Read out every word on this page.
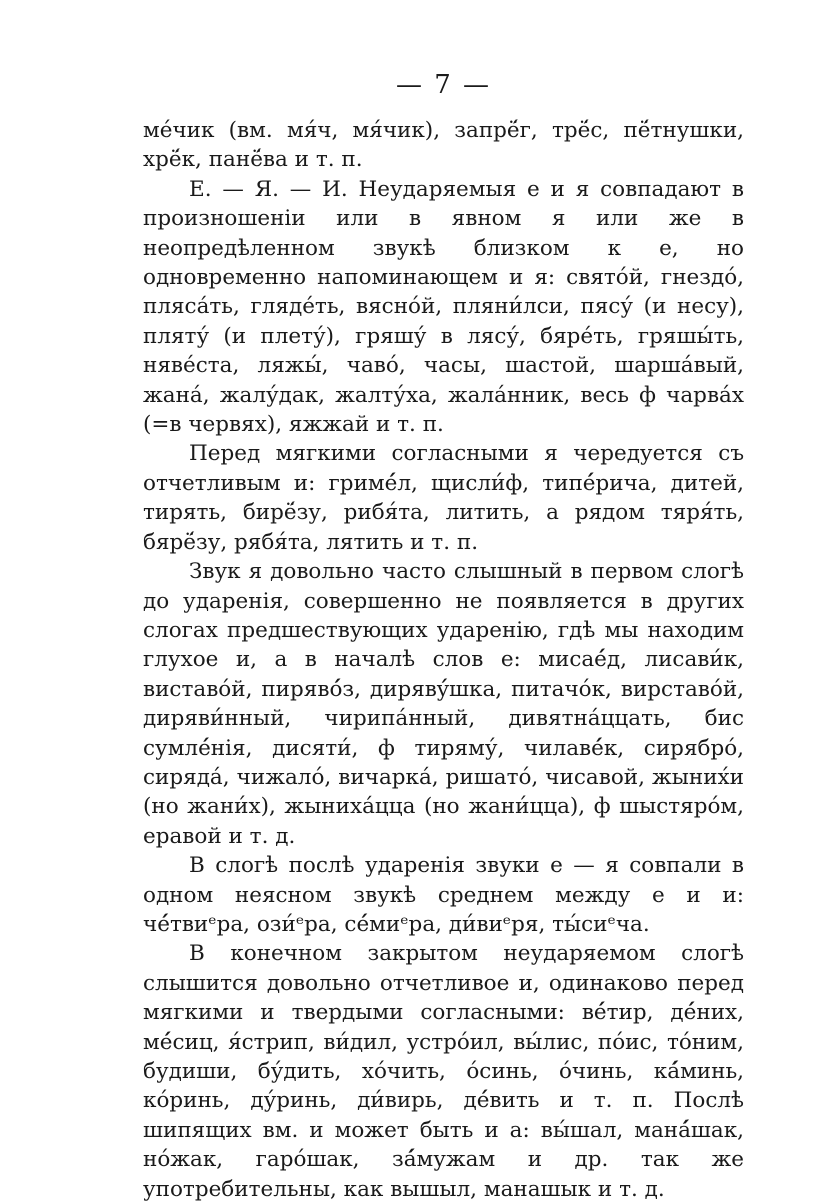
— 7 —

ме́чик (вм. мя́ч, мя́чик), запрё́г, трё́с, пё́тнушки, хрё́к, панё́ва и т. п.

Е. — Я. — И. Неударяемыя е и я совпадают в произношеніи или в явном я или же в неопредѣленном звукѣ близком к е, но одновременно напоминающем и я: свято́й, гнездо́, плясáть, глядéть, вясно́й, пляни́лси, пясу́ (и несу), пляту́ (и плету́), гряшу́ в лясу́, бярéть, гряшы́ть, нявéста, ляжы́, чаво́, часы, шастой, шаршáвый, жанá, жалу́дак, жалту́ха, жалáнник, весь ф чарвáх (=в червях), яжжай и т. п.

Перед мягкими согласными я чередуется съ отчетливым и: гримé́л, щисли́ф, типé́рича, дитей, тирять, бирё́зу, рибя́та, литить, а рядом тяря́ть, бярё́зу, рябя́та, лятить и т. п.

Звук я довольно часто слышный в первом слогѣ до ударенія, совершенно не появляется в других слогах предшествующих ударенію, гдѣ мы находим глухое и, а в началѣ слов е: мисаé́д, лисави́к, виставо́й, пирявó́з, дирявý́шка, питачо́к, вирставо́й, диряви́нный, чирипáнный, дивятнáццать, бис сумлé́нія, дисяти́, ф тиряму́, чилавé́к, сирябро́, сирядá, чижало́, вичаркá, ришато́, чисавой, жыних́и (но жани́х), жынихáцца (но жани́цца), ф шыстяро́м, еравой и т. д.

В слогѣ послѣ ударенія звуки е — я совпали в одном неясном звукѣ среднем между е и и: чé́твиᵉра, ози́ᵉра, сé́миᵉра, ди́виᵉря, ты́сиᵉча.

В конечном закрытом неударяемом слогѣ слышится довольно отчетливое и, одинаково перед мягкими и твердыми согласными: вé́тир, дé́них, мé́сиц, я́стрип, ви́дил, устро́ил, вы́лис, по́ис, то́ним, будиши, бу́дить, хо́чить, о́синь, о́чинь, кá́минь, ко́ринь, ду́ринь, ди́вирь, дé́вить и т. п. Послѣ шипящих вм. и может быть и а: вы́шал, манá́шак, но́жак, гаро́шак, зá́мужам и др. так же употребительны, как вышыл, манашык и т. д.
